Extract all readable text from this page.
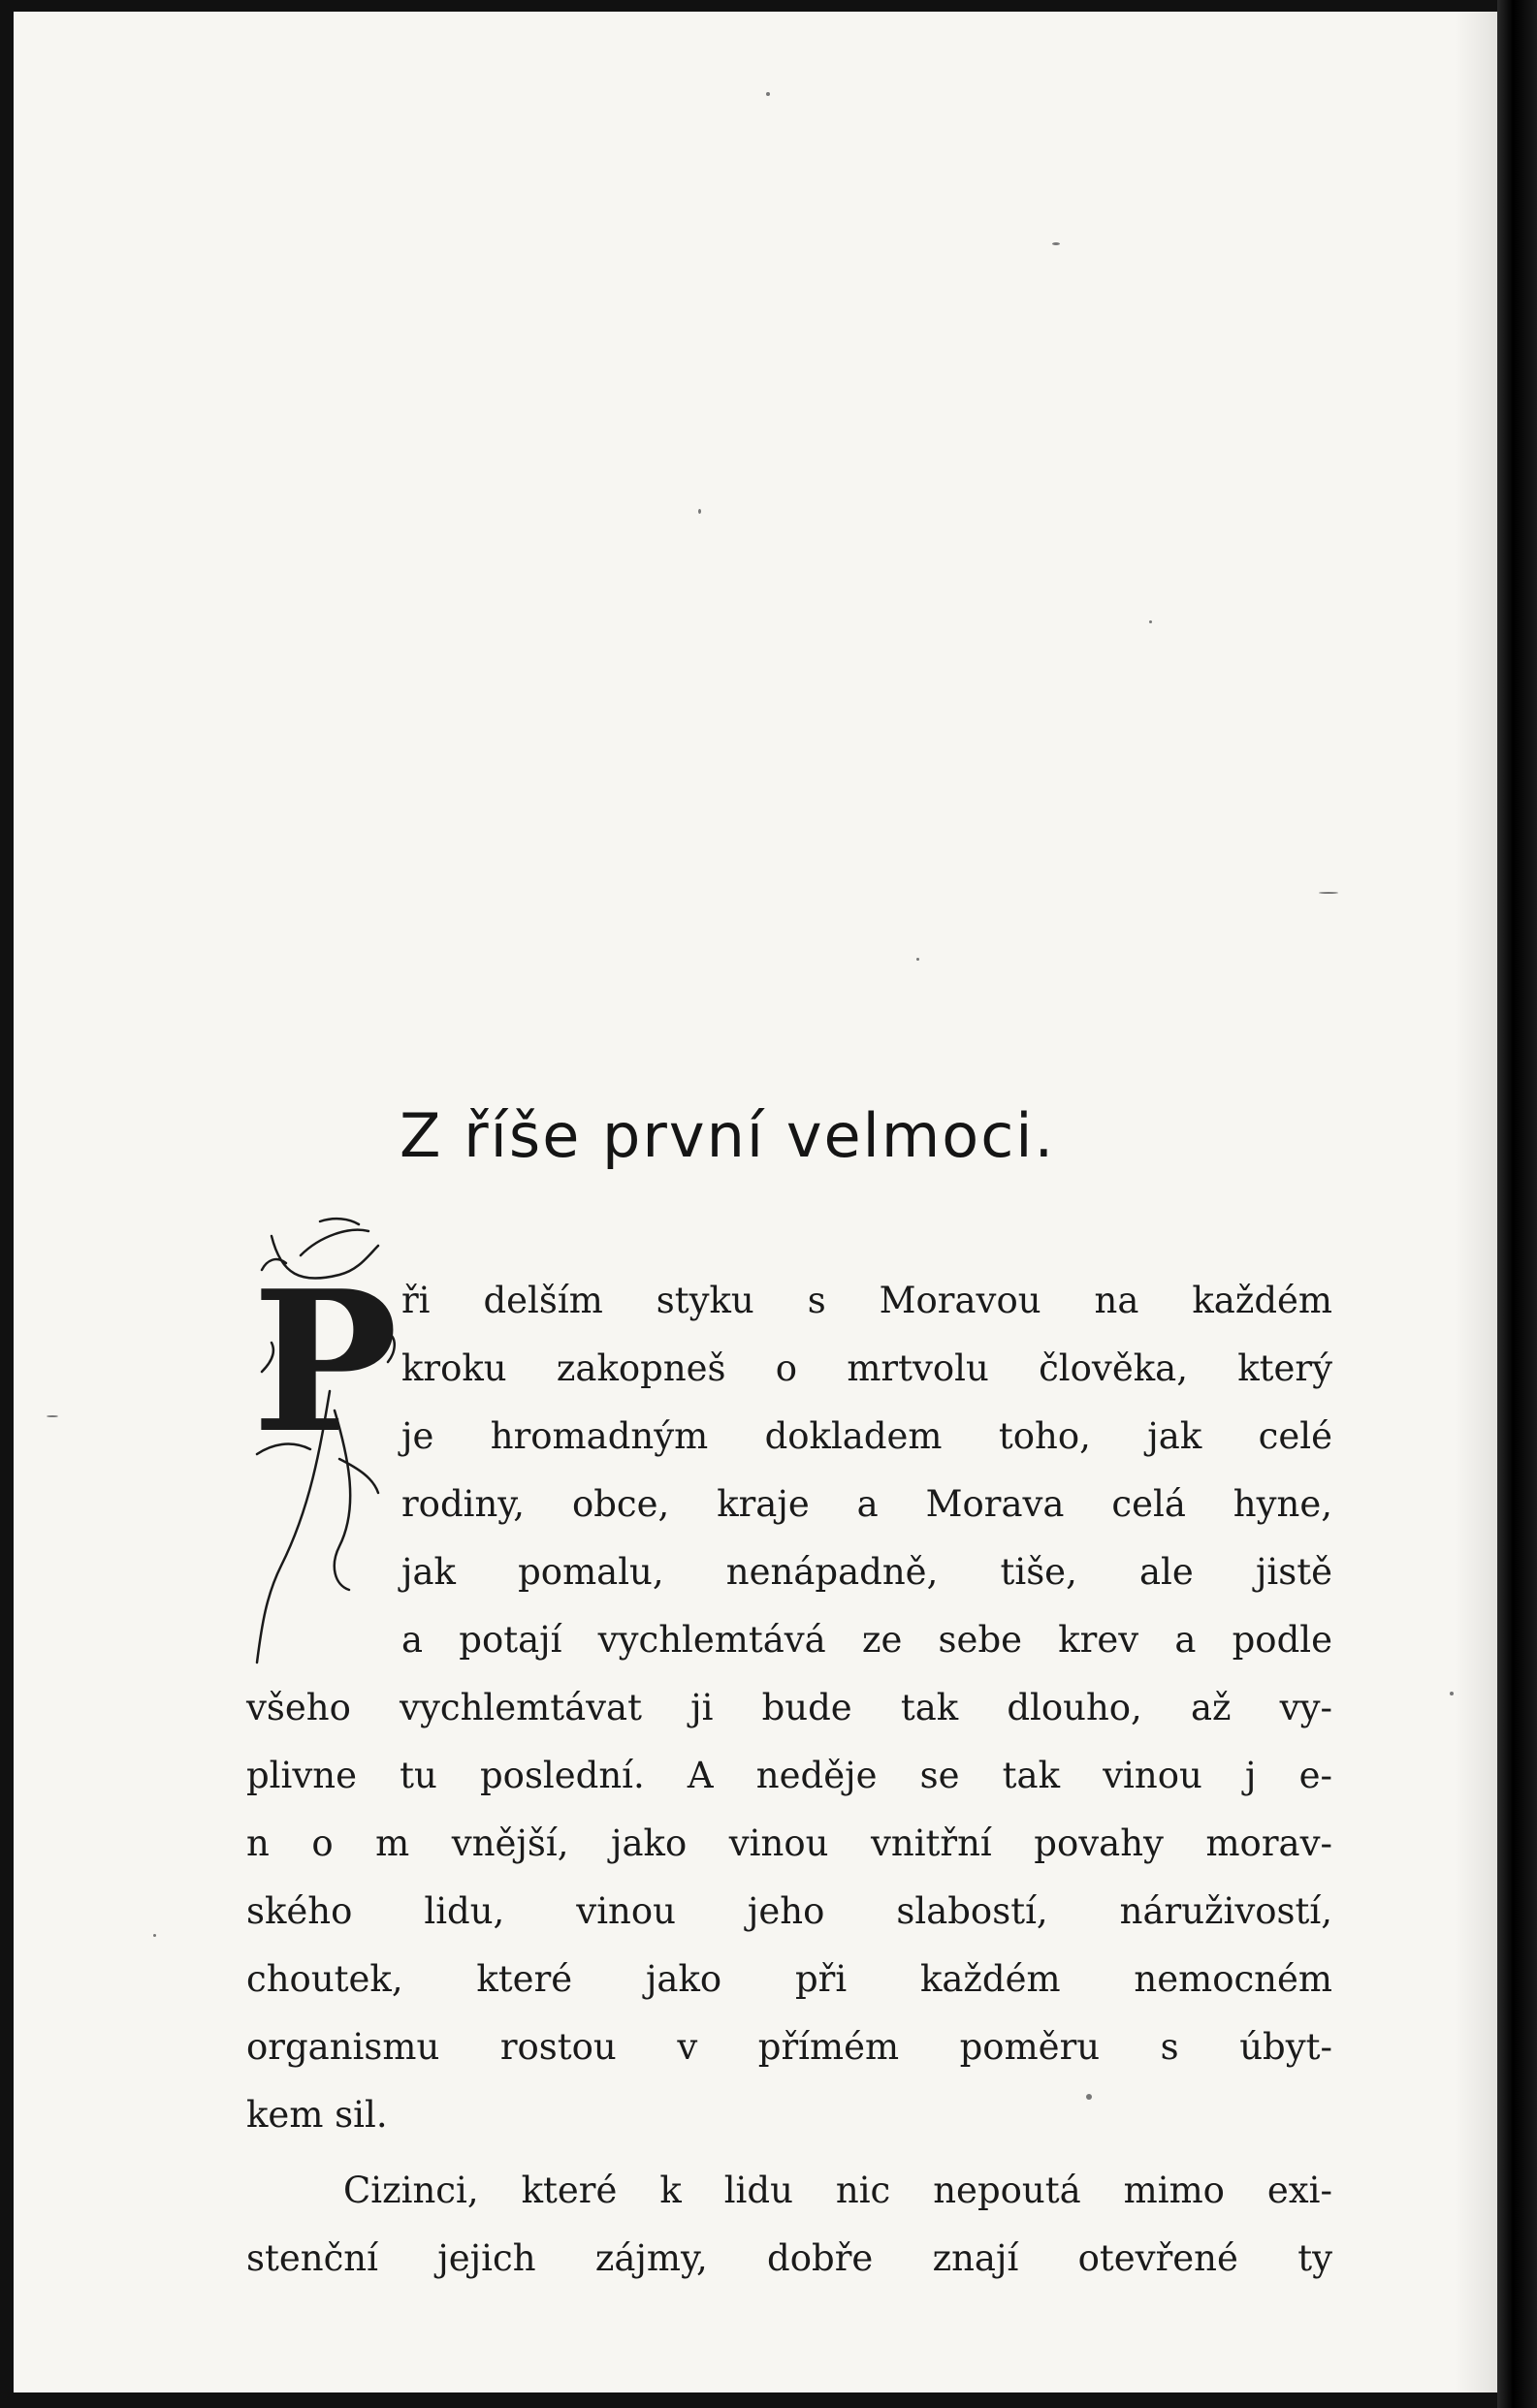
Z říše první velmoci.
P ři delším styku s Moravou na každém
kroku zakopneš o mrtvolu člověka, který
je hromadným dokladem toho, jak celé
rodiny, obce, kraje a Morava celá hyne,
jak pomalu, nenápadně, tiše, ale jistě
a potají vychlemtává ze sebe krev a podle
všeho vychlemtávat ji bude tak dlouho, až vy-
plivne tu poslední. A neděje se tak vinou j e-
n o m vnější, jako vinou vnitřní povahy morav-
ského lidu, vinou jeho slabostí, náruživostí,
choutek, které jako při každém nemocném
organismu rostou v přímém poměru s úbyt-
kem sil.
Cizinci, které k lidu nic nepoutá mimo exi-
stenční jejich zájmy, dobře znají otevřené ty
